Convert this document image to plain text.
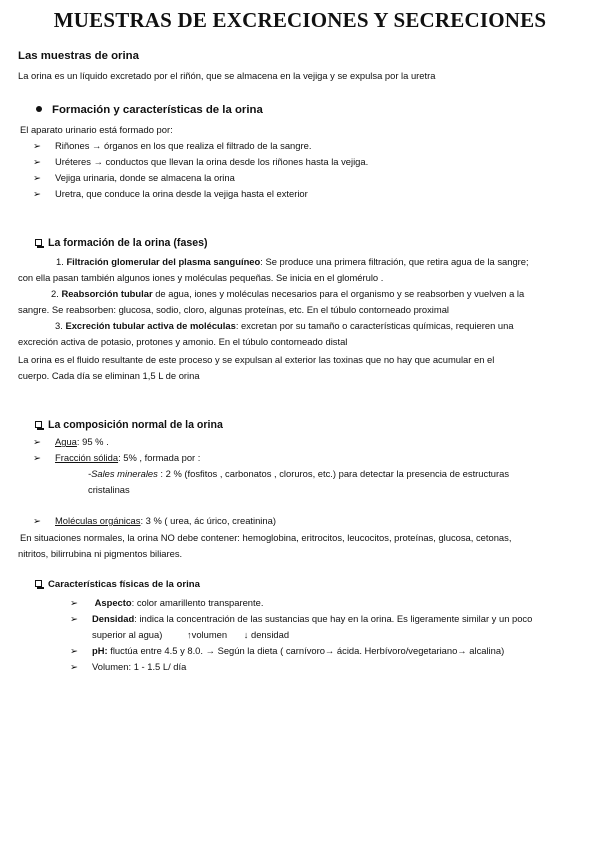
MUESTRAS DE EXCRECIONES Y SECRECIONES
Las muestras de orina
La orina es un líquido excretado por el riñón, que se almacena en la vejiga y se expulsa por la uretra
Formación y características de la orina
El aparato urinario está formado por:
➢ Riñones → órganos en los que realiza el filtrado de la sangre.
➢ Uréteres → conductos que llevan la orina desde los riñones hasta la vejiga.
➢ Vejiga urinaria, donde se almacena la orina
➢ Uretra, que conduce la orina desde la vejiga hasta el exterior
La formación de la orina (fases)
1. Filtración glomerular del plasma sanguíneo: Se produce una primera filtración, que retira agua de la sangre;
con ella pasan también algunos iones y moléculas pequeñas. Se inicia en el glomérulo .
2. Reabsorción tubular de agua, iones y moléculas necesarios para el organismo y se reabsorben y vuelven a la
sangre. Se reabsorben: glucosa, sodio, cloro, algunas proteínas, etc. En el túbulo contorneado proximal
3. Excreción tubular activa de moléculas: excretan por su tamaño o características químicas, requieren una
excreción activa de potasio, protones y amonio. En el túbulo contorneado distal
La orina es el fluido resultante de este proceso y se expulsan al exterior las toxinas que no hay que acumular en el
cuerpo. Cada día se eliminan 1,5 L de orina
La composición normal de la orina
➢ Agua: 95 % .
➢ Fracción sólida: 5% , formada por :
-Sales minerales : 2 % (fosfitos , carbonatos , cloruros, etc.) para detectar la presencia de estructuras
cristalinas
➢ Moléculas orgánicas: 3 % ( urea, ác úrico, creatinina)
En situaciones normales, la orina NO debe contener: hemoglobina, eritrocitos, leucocitos, proteínas, glucosa, cetonas,
nitritos, bilirrubina ni pigmentos biliares.
Características físicas de la orina
➢ Aspecto: color amarillento transparente.
➢ Densidad: indica la concentración de las sustancias que hay en la orina. Es ligeramente similar y un poco
superior al agua)	↑volumen ↓ densidad
➢ pH: fluctúa entre 4.5 y 8.0. → Según la dieta ( carnívoro→ ácida. Herbívoro/vegetariano→ alcalina)
➢ Volumen: 1 - 1.5 L/ día
